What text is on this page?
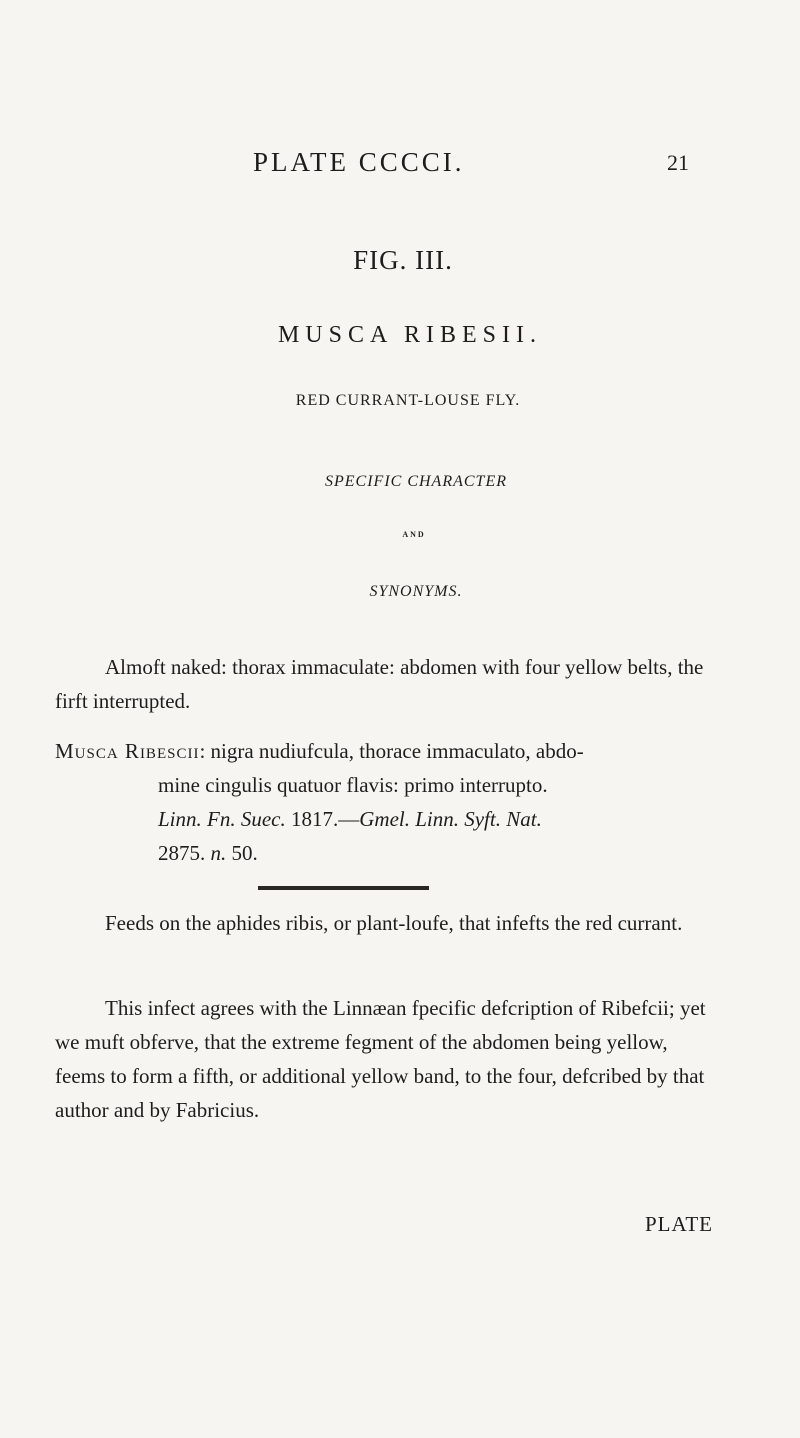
PLATE CCCCI.	21
FIG. III.
MUSCA RIBESII.
RED CURRANT-LOUSE FLY.
SPECIFIC CHARACTER
AND
SYNONYMS.

Almoft naked: thorax immaculate: abdomen with four yellow belts, the firft interrupted.

Musca Ribescii: nigra nudiufcula, thorace immaculato, abdo-
mine cingulis quatuor flavis: primo interrupto.
Linn. Fn. Suec. 1817.—Gmel. Linn. Syft. Nat.
2875. n. 50.

Feeds on the aphides ribis, or plant-loufe, that infefts the red currant.

This infect agrees with the Linnæan fpecific defcription of Ribefcii; yet we muft obferve, that the extreme fegment of the abdomen being yellow, feems to form a fifth, or additional yellow band, to the four, defcribed by that author and by Fabricius.

PLATE
